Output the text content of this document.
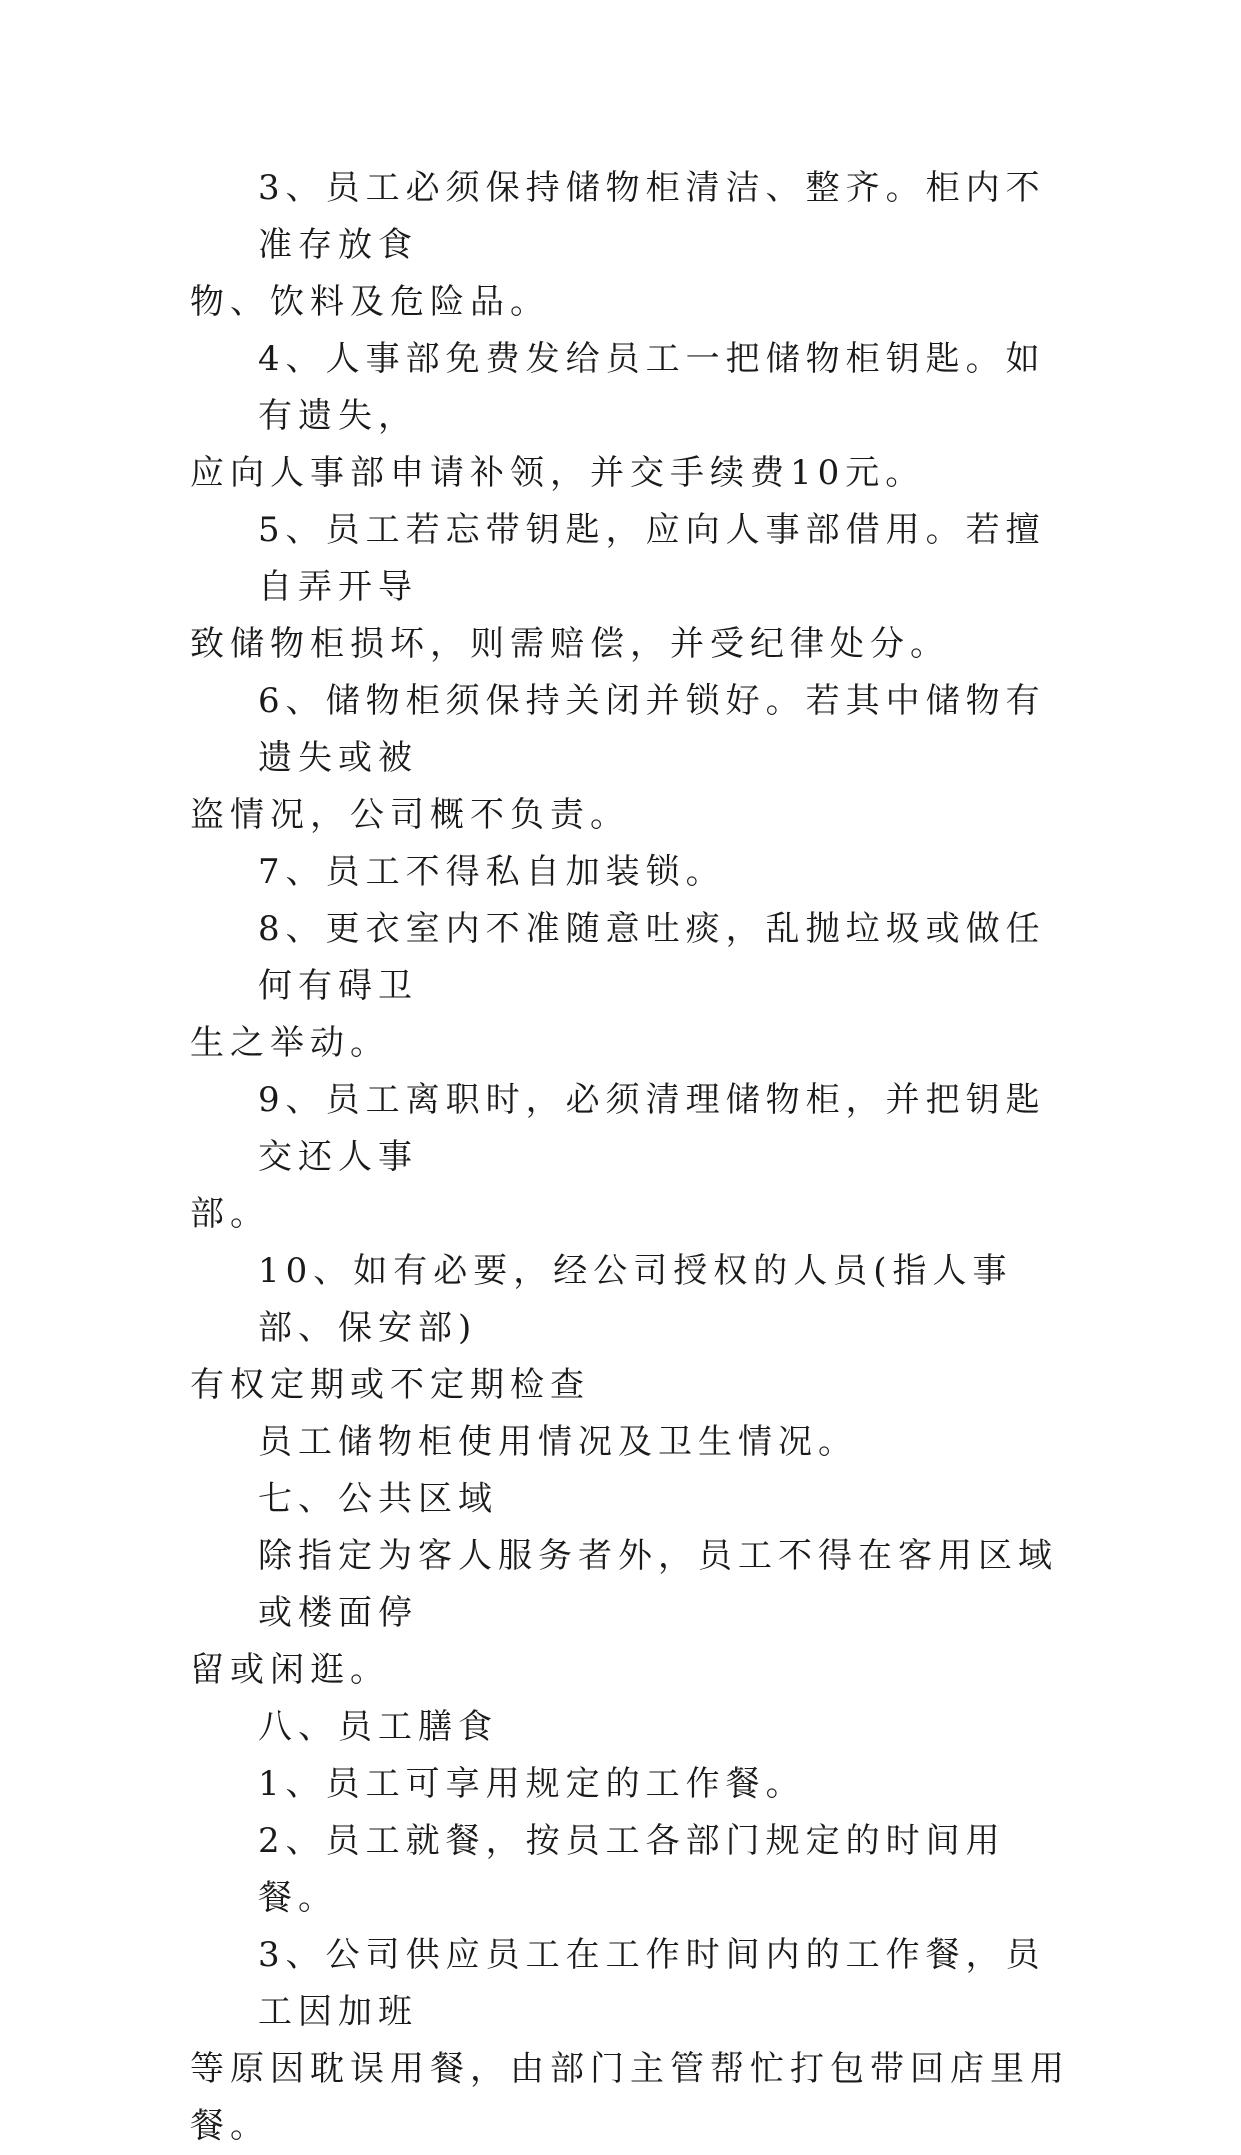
3、员工必须保持储物柜清洁、整齐。柜内不准存放食
物、饮料及危险品。
4、人事部免费发给员工一把储物柜钥匙。如有遗失，
应向人事部申请补领，并交手续费10元。
5、员工若忘带钥匙，应向人事部借用。若擅自弄开导
致储物柜损坏，则需赔偿，并受纪律处分。
6、储物柜须保持关闭并锁好。若其中储物有遗失或被
盗情况，公司概不负责。
7、员工不得私自加装锁。
8、更衣室内不准随意吐痰，乱抛垃圾或做任何有碍卫
生之举动。
9、员工离职时，必须清理储物柜，并把钥匙交还人事
部。
10、如有必要，经公司授权的人员(指人事部、保安部)
有权定期或不定期检查
员工储物柜使用情况及卫生情况。
七、公共区域
除指定为客人服务者外，员工不得在客用区域或楼面停
留或闲逛。
八、员工膳食
1、员工可享用规定的工作餐。
2、员工就餐，按员工各部门规定的时间用餐。
3、公司供应员工在工作时间内的工作餐，员工因加班
等原因耽误用餐，由部门主管帮忙打包带回店里用餐。
